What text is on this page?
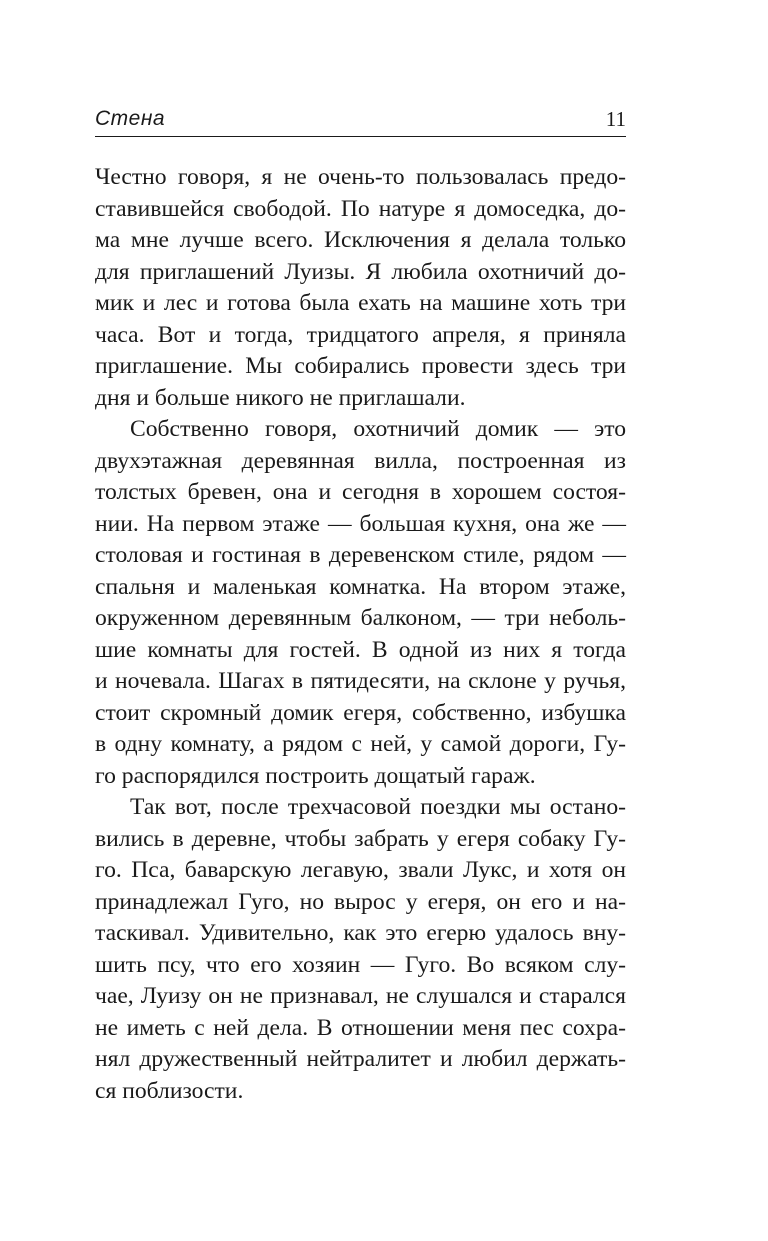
Стена	11
Честно говоря, я не очень-то пользовалась предо-
ставившейся свободой. По натуре я домоседка, до-
ма мне лучше всего. Исключения я делала только
для приглашений Луизы. Я любила охотничий до-
мик и лес и готова была ехать на машине хоть три
часа. Вот и тогда, тридцатого апреля, я приняла
приглашение. Мы собирались провести здесь три
дня и больше никого не приглашали.
Собственно говоря, охотничий домик — это
двухэтажная деревянная вилла, построенная из
толстых бревен, она и сегодня в хорошем состоя-
нии. На первом этаже — большая кухня, она же —
столовая и гостиная в деревенском стиле, рядом —
спальня и маленькая комнатка. На втором этаже,
окруженном деревянным балконом, — три неболь-
шие комнаты для гостей. В одной из них я тогда
и ночевала. Шагах в пятидесяти, на склоне у ручья,
стоит скромный домик егеря, собственно, избушка
в одну комнату, а рядом с ней, у самой дороги, Гу-
го распорядился построить дощатый гараж.
Так вот, после трехчасовой поездки мы остано-
вились в деревне, чтобы забрать у егеря собаку Гу-
го. Пса, баварскую легавую, звали Лукс, и хотя он
принадлежал Гуго, но вырос у егеря, он его и на-
таскивал. Удивительно, как это егерю удалось вну-
шить псу, что его хозяин — Гуго. Во всяком слу-
чае, Луизу он не признавал, не слушался и старался
не иметь с ней дела. В отношении меня пес сохра-
нял дружественный нейтралитет и любил держать-
ся поблизости.
